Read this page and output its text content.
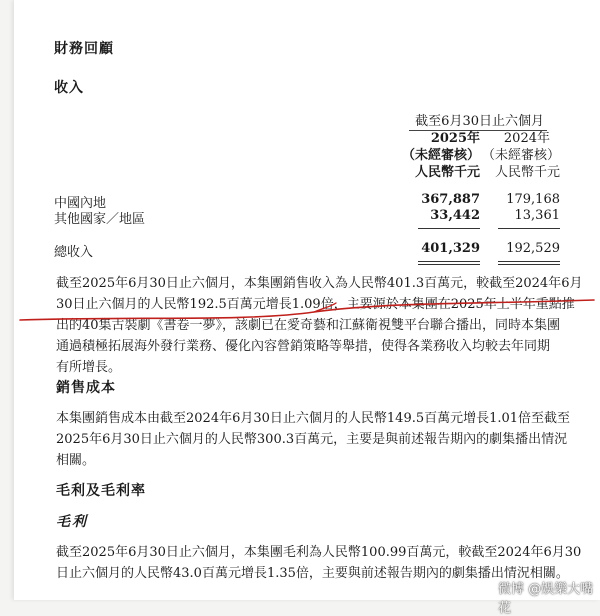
財務回顧
收入
截至6月30日止六個月
2025年	2024年
（未經審核） （未經審核）
人民幣千元	人民幣千元
中國內地	367,887	179,168
其他國家／地區	33,442	13,361
總收入	401,329	192,529
截至2025年6月30日止六個月，本集團銷售收入為人民幣401.3百萬元，較截至2024年6月
30日止六個月的人民幣192.5百萬元增長1.09倍，主要源於本集團在2025年上半年重點推
出的40集古裝劇《書卷一夢》，該劇已在愛奇藝和江蘇衛視雙平台聯合播出，同時本集團
通過積極拓展海外發行業務、優化內容營銷策略等舉措，使得各業務收入均較去年同期
有所增長。
銷售成本
本集團銷售成本由截至2024年6月30日止六個月的人民幣149.5百萬元增長1.01倍至截至
2025年6月30日止六個月的人民幣300.3百萬元，主要是與前述報告期內的劇集播出情況
相關。
毛利及毛利率
毛利
截至2025年6月30日止六個月，本集團毛利為人民幣100.99百萬元，較截至2024年6月30
日止六個月的人民幣43.0百萬元增長1.35倍，主要與前述報告期內的劇集播出情況相關。
微博 @娛樂大嘴花
